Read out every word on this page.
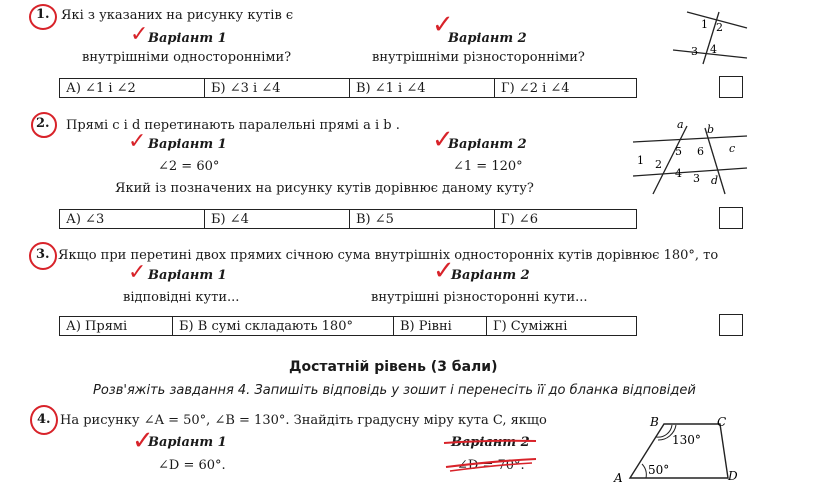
1. Які з указаних на рисунку кутів є
✓ Варіант 1	✓
Варіант 2
внутрішніми односторонніми?	внутрішніми різносторонніми?
1 2
3 4
А) ∠1 і ∠2	Б) ∠3 і ∠4	В) ∠1 і ∠4	Г) ∠2 і ∠4
2. Прямі c і d перетинають паралельні прямі a і b .
✓ Варіант 1	✓
Варіант 2
∠2 = 60°	∠1 = 120°
Який із позначених на рисунку кутів дорівнює даному куту?
a b
c
d
1 2
3
4
5 6
А) ∠3	Б) ∠4	В) ∠5	Г) ∠6
3. Якщо при перетині двох прямих січною сума внутрішніх односторонніх кутів дорівнює 180°, то
✓ Варіант 1	✓
Варіант 2
відповідні кути...	внутрішні різносторонні кути...
А) Прямі	Б) В сумі складають 180°	В) Рівні	Г) Суміжні
Достатній рівень (3 бали)
Розв'яжіть завдання 4. Запишіть відповідь у зошит і перенесіть її до бланка відповідей
4. На рисунку ∠A = 50°, ∠B = 130°. Знайдіть градусну міру кута C, якщо
✓
Варіант 1	Варіант 2
∠D = 60°.	∠D = 70°.
B	C
A	D
130°
50°
